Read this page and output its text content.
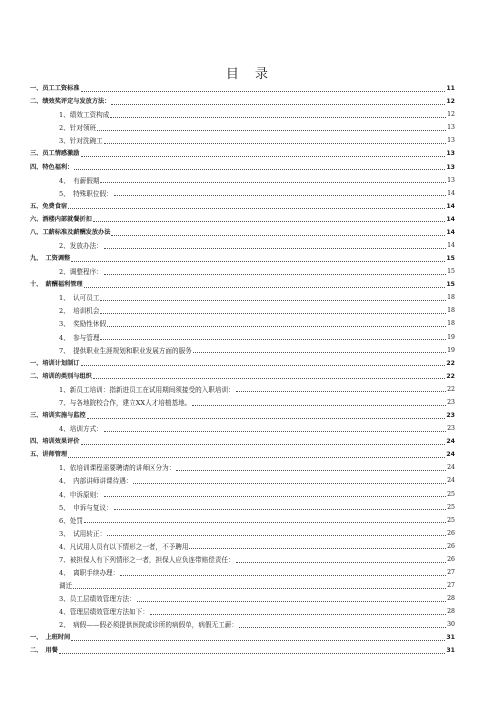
目 录
一、员工工资标准	11
二、绩效奖评定与发放方法：	12
1、绩效工资构成	12
2、针对领班	13
3、针对洗碗工	13
三、员工情感激励	13
四、特色福利：	13
4、　有薪假期	13
5、　特殊职位假：	14
五、免费食宿	14
六、酒楼内部就餐折扣	14
八、工薪标准及薪酬发放办法	14
2、发放办法：	14
九、　工资调整	15
2、调整程序：	15
十、　薪酬福利管理	15
1、　认可员工	18
2、　培训机会	18
3、　奖励性休假	18
4、　参与管理	19
7、　提供职业生涯规划和职业发展方面的服务	19
一、培训计划制订	22
二、培训的类别与组织	22
1、新员工培训：指新进员工在试用期间须接受的入职培训：	22
7、与各地院校合作，建立XX人才培植基地。	23
三、培训实施与监控	23
4、培训方式：	23
四、培训效果评价	24
五、讲师管理	24
1、依培训课程需要聘请的讲师区分为：	24
4、　内部讲师讲课待遇：	24
4、申诉原则：	25
5、　申诉与复议：	25
6、处罚	25
3、　试用转正：	26
4、凡试用人员有以下情形之一者，不予聘用	26
7、被担保人有下列情形之一者，担保人应负连带赔偿责任：	26
4、　离职手续办理：	27
调迁	27
3、员工层绩效管理方法：	28
4、管理层绩效管理方法如下：	28
2、　病假——假必须提供医院或诊所的病假单，病假无工薪：	30
一、　上班时间	31
二、　用餐	31
